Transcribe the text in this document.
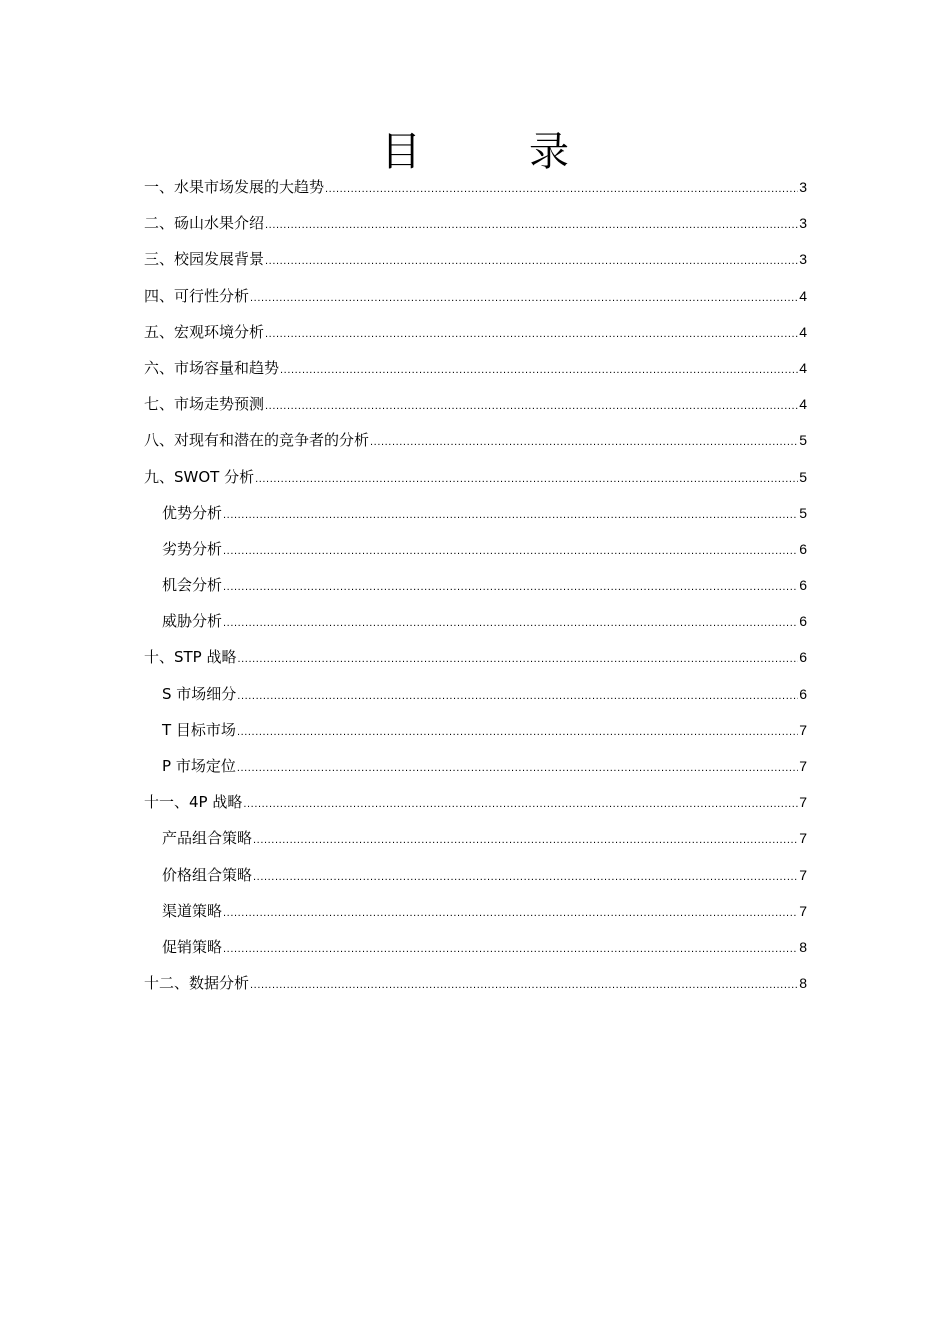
目	录
一、水果市场发展的大趋势 .....	3
二、砀山水果介绍 .....	3
三、校园发展背景 .....	3
四、可行性分析 .....	4
五、宏观环境分析 .....	4
六、市场容量和趋势 .....	4
七、市场走势预测 .....	4
八、对现有和潜在的竞争者的分析 .....	5
九、SWOT 分析 .....	5
优势分析 .....	5
劣势分析 .....	6
机会分析 .....	6
威胁分析 .....	6
十、STP 战略 .....	6
S 市场细分 .....	6
T 目标市场 .....	7
P 市场定位 .....	7
十一、4P 战略 .....	7
产品组合策略 .....	7
价格组合策略 .....	7
渠道策略 .....	7
促销策略 .....	8
十二、数据分析 .....	8
